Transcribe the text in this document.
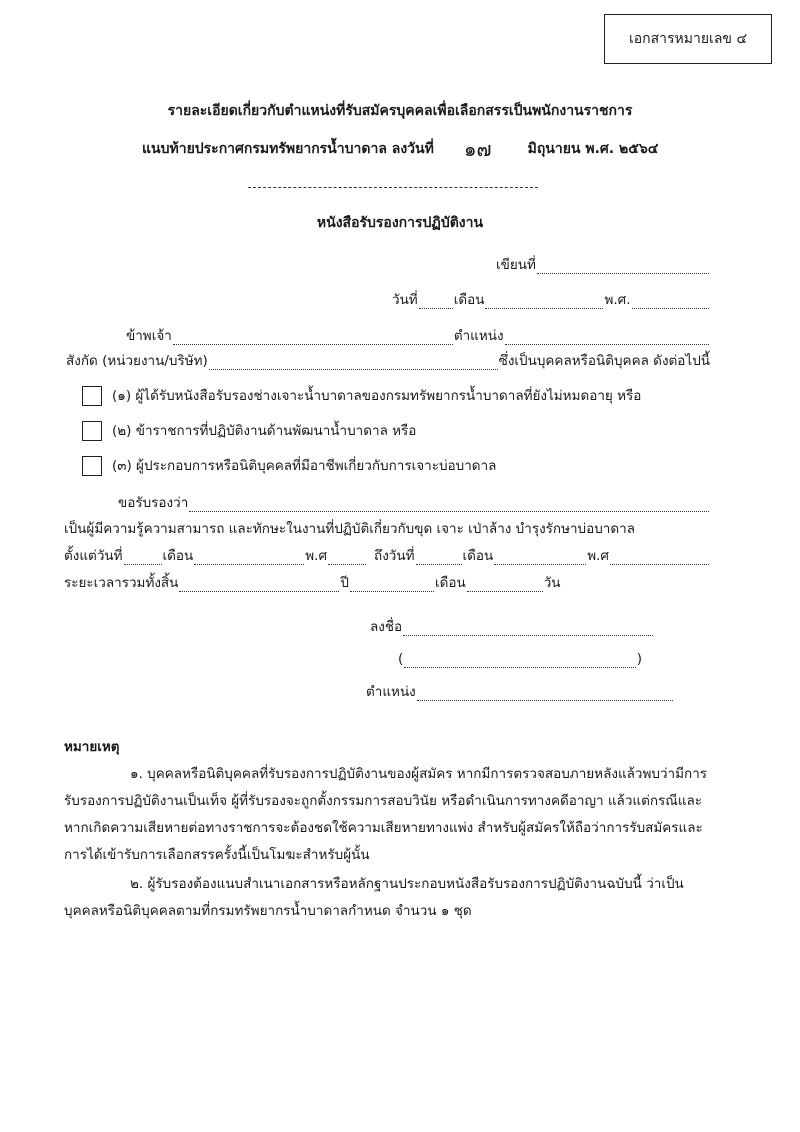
เอกสารหมายเลข ๔
รายละเอียดเกี่ยวกับตำแหน่งที่รับสมัครบุคคลเพื่อเลือกสรรเป็นพนักงานราชการ
แนบท้ายประกาศกรมทรัพยากรน้ำบาดาล ลงวันที่ ๑๗	มิถุนายน พ.ศ. ๒๕๖๔
หนังสือรับรองการปฏิบัติงาน
เขียนที่
วันที่	เดือน	พ.ศ.
ข้าพเจ้า	ตำแหน่ง
สังกัด (หน่วยงาน/บริษัท)	ซึ่งเป็นบุคคลหรือนิติบุคคล ดังต่อไปนี้
(๑) ผู้ได้รับหนังสือรับรองช่างเจาะน้ำบาดาลของกรมทรัพยากรน้ำบาดาลที่ยังไม่หมดอายุ หรือ
(๒) ข้าราชการที่ปฏิบัติงานด้านพัฒนาน้ำบาดาล หรือ
(๓) ผู้ประกอบการหรือนิติบุคคลที่มีอาชีพเกี่ยวกับการเจาะบ่อบาดาล
ขอรับรองว่า
เป็นผู้มีความรู้ความสามารถ และทักษะในงานที่ปฏิบัติเกี่ยวกับขุด เจาะ เป่าล้าง บำรุงรักษาบ่อบาดาล
ตั้งแต่วันที่	เดือน	พ.ศ	ถึงวันที่	เดือน	พ.ศ
ระยะเวลารวมทั้งสิ้น	ปี	เดือน	วัน
ลงชื่อ
(	)
ตำแหน่ง
หมายเหตุ
๑. บุคคลหรือนิติบุคคลที่รับรองการปฏิบัติงานของผู้สมัคร หากมีการตรวจสอบภายหลังแล้วพบว่ามีการ
รับรองการปฏิบัติงานเป็นเท็จ ผู้ที่รับรองจะถูกตั้งกรรมการสอบวินัย หรือดำเนินการทางคดีอาญา แล้วแต่กรณีและ
หากเกิดความเสียหายต่อทางราชการจะต้องชดใช้ความเสียหายทางแพ่ง สำหรับผู้สมัครให้ถือว่าการรับสมัครและ
การได้เข้ารับการเลือกสรรครั้งนี้เป็นโมฆะสำหรับผู้นั้น
๒. ผู้รับรองต้องแนบสำเนาเอกสารหรือหลักฐานประกอบหนังสือรับรองการปฏิบัติงานฉบับนี้ ว่าเป็น
บุคคลหรือนิติบุคคลตามที่กรมทรัพยากรน้ำบาดาลกำหนด จำนวน ๑ ชุด
